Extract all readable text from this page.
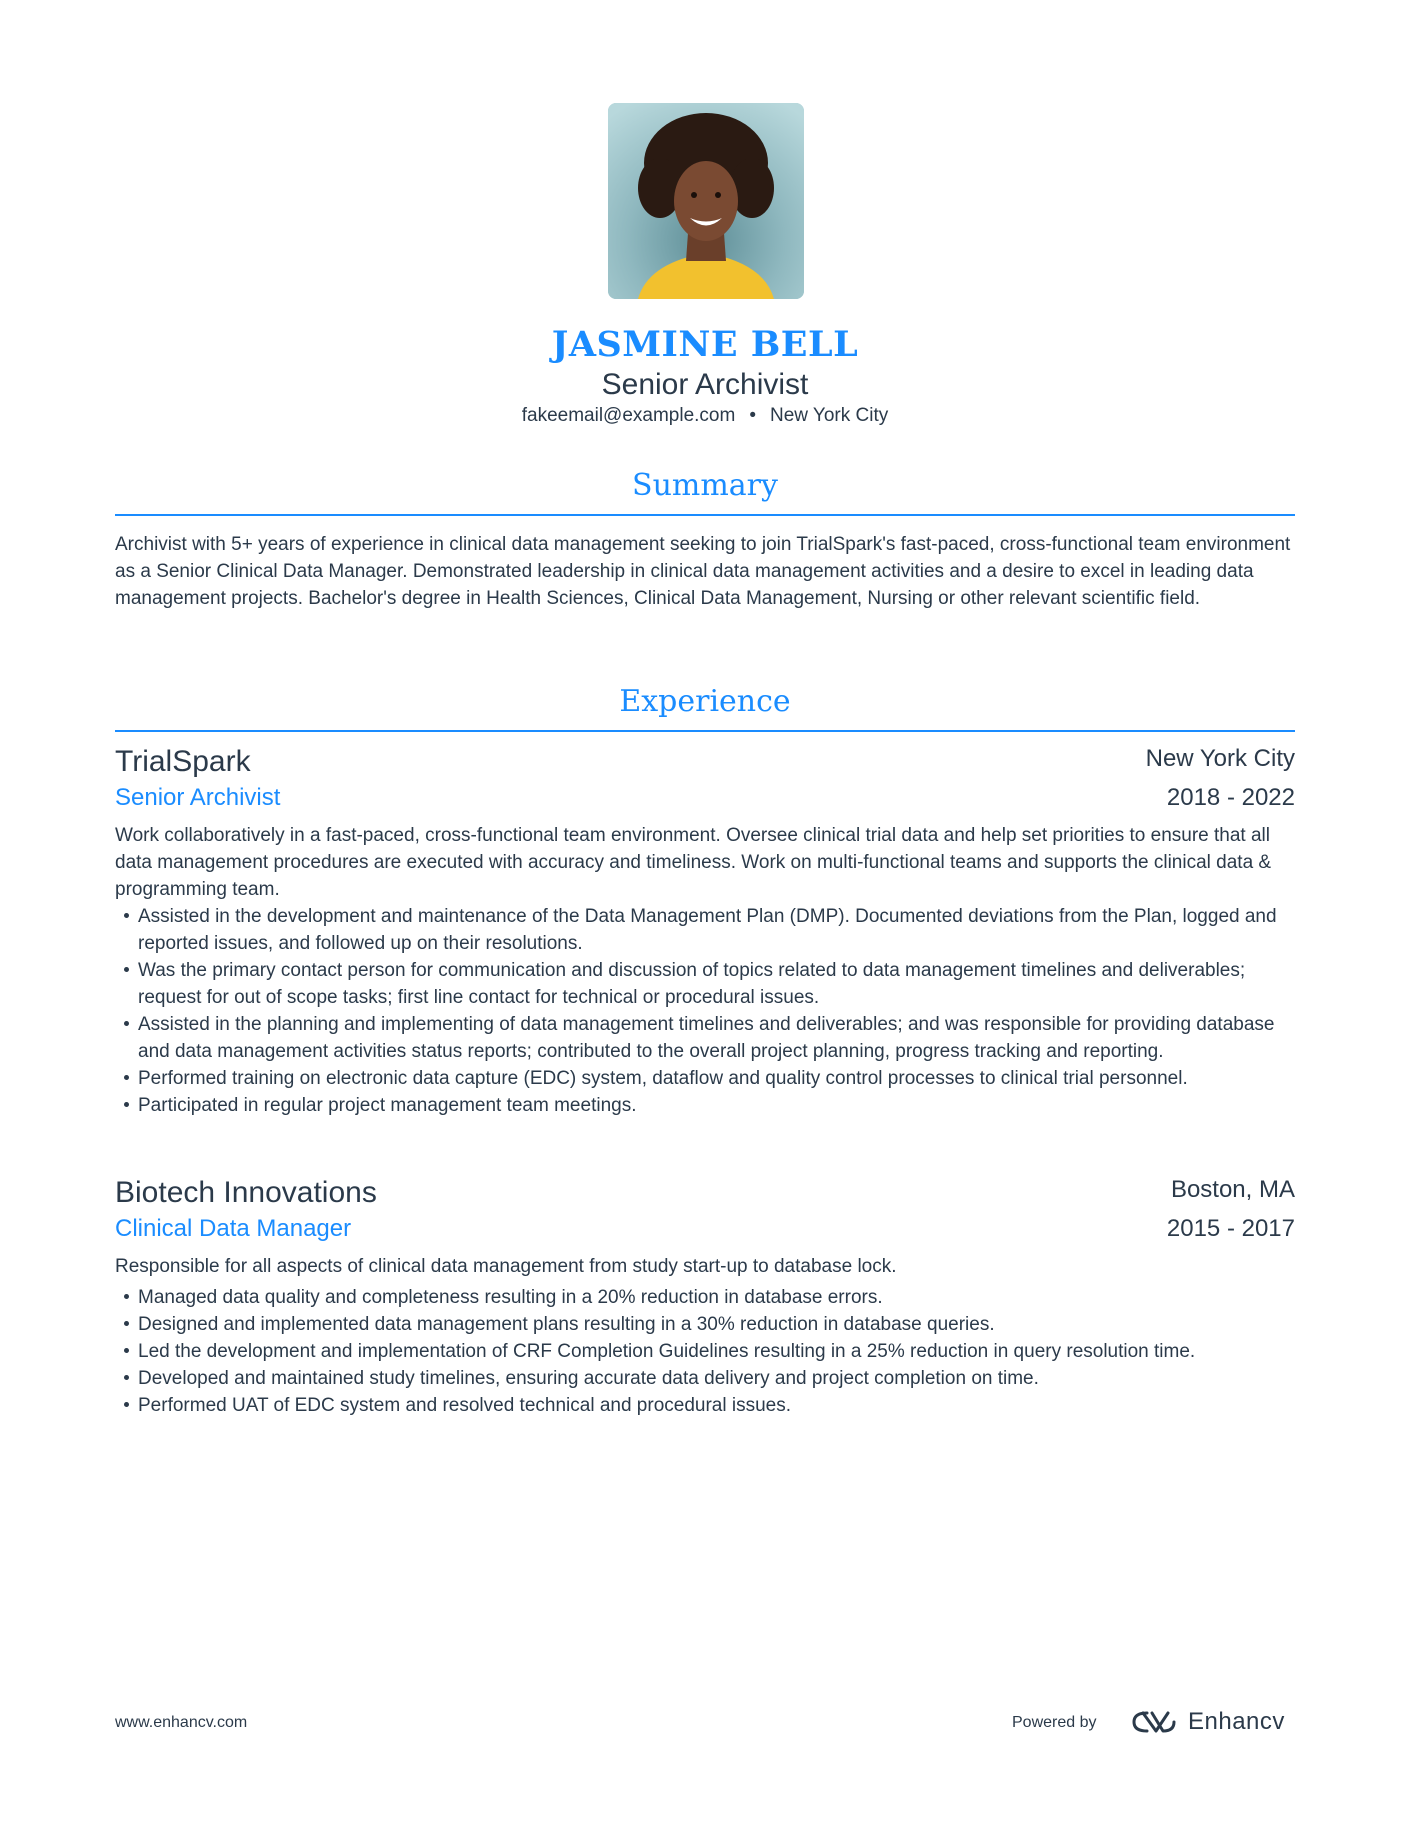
JASMINE BELL
Senior Archivist
fakeemail@example.com • New York City
Summary
Archivist with 5+ years of experience in clinical data management seeking to join TrialSpark's fast-paced, cross-functional team environment as a Senior Clinical Data Manager. Demonstrated leadership in clinical data management activities and a desire to excel in leading data management projects. Bachelor's degree in Health Sciences, Clinical Data Management, Nursing or other relevant scientific field.
Experience
TrialSpark	New York City
Senior Archivist	2018 - 2022
Work collaboratively in a fast-paced, cross-functional team environment. Oversee clinical trial data and help set priorities to ensure that all data management procedures are executed with accuracy and timeliness. Work on multi-functional teams and supports the clinical data & programming team.
Assisted in the development and maintenance of the Data Management Plan (DMP). Documented deviations from the Plan, logged and reported issues, and followed up on their resolutions.
Was the primary contact person for communication and discussion of topics related to data management timelines and deliverables; request for out of scope tasks; first line contact for technical or procedural issues.
Assisted in the planning and implementing of data management timelines and deliverables; and was responsible for providing database and data management activities status reports; contributed to the overall project planning, progress tracking and reporting.
Performed training on electronic data capture (EDC) system, dataflow and quality control processes to clinical trial personnel.
Participated in regular project management team meetings.
Biotech Innovations	Boston, MA
Clinical Data Manager	2015 - 2017
Responsible for all aspects of clinical data management from study start-up to database lock.
Managed data quality and completeness resulting in a 20% reduction in database errors.
Designed and implemented data management plans resulting in a 30% reduction in database queries.
Led the development and implementation of CRF Completion Guidelines resulting in a 25% reduction in query resolution time.
Developed and maintained study timelines, ensuring accurate data delivery and project completion on time.
Performed UAT of EDC system and resolved technical and procedural issues.
www.enhancv.com	Powered by	Enhancv
